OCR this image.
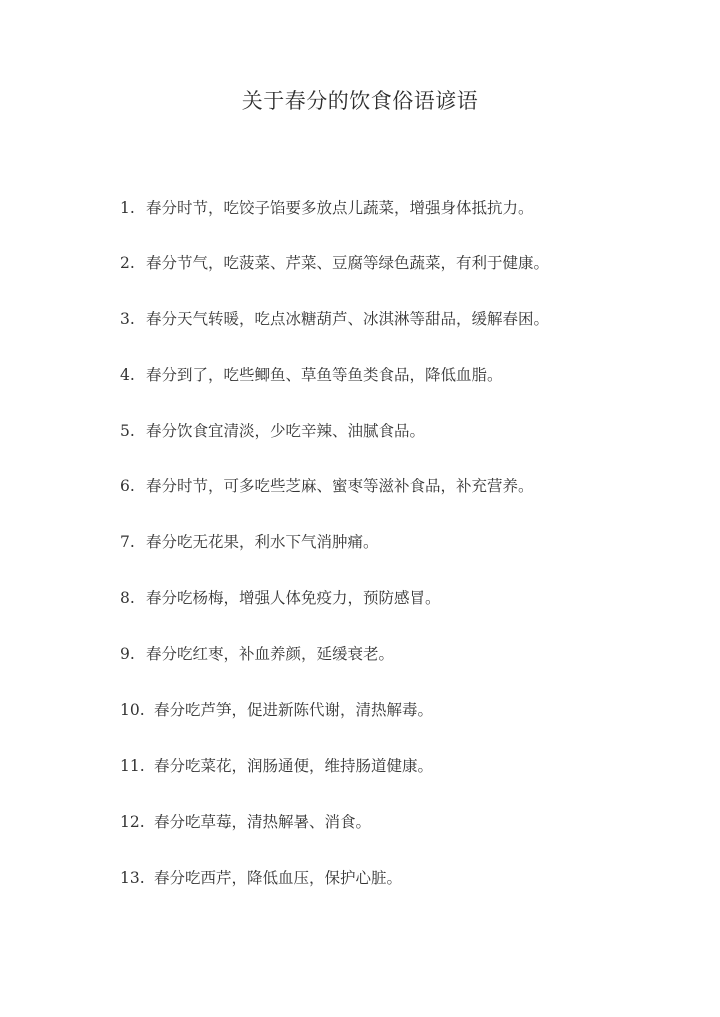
关于春分的饮食俗语谚语
1. 春分时节，吃饺子馅要多放点儿蔬菜，增强身体抵抗力。
2. 春分节气，吃菠菜、芹菜、豆腐等绿色蔬菜，有利于健康。
3. 春分天气转暖，吃点冰糖葫芦、冰淇淋等甜品，缓解春困。
4. 春分到了，吃些鲫鱼、草鱼等鱼类食品，降低血脂。
5. 春分饮食宜清淡，少吃辛辣、油腻食品。
6. 春分时节，可多吃些芝麻、蜜枣等滋补食品，补充营养。
7. 春分吃无花果，利水下气消肿痛。
8. 春分吃杨梅，增强人体免疫力，预防感冒。
9. 春分吃红枣，补血养颜，延缓衰老。
10. 春分吃芦笋，促进新陈代谢，清热解毒。
11. 春分吃菜花，润肠通便，维持肠道健康。
12. 春分吃草莓，清热解暑、消食。
13. 春分吃西芹，降低血压，保护心脏。
